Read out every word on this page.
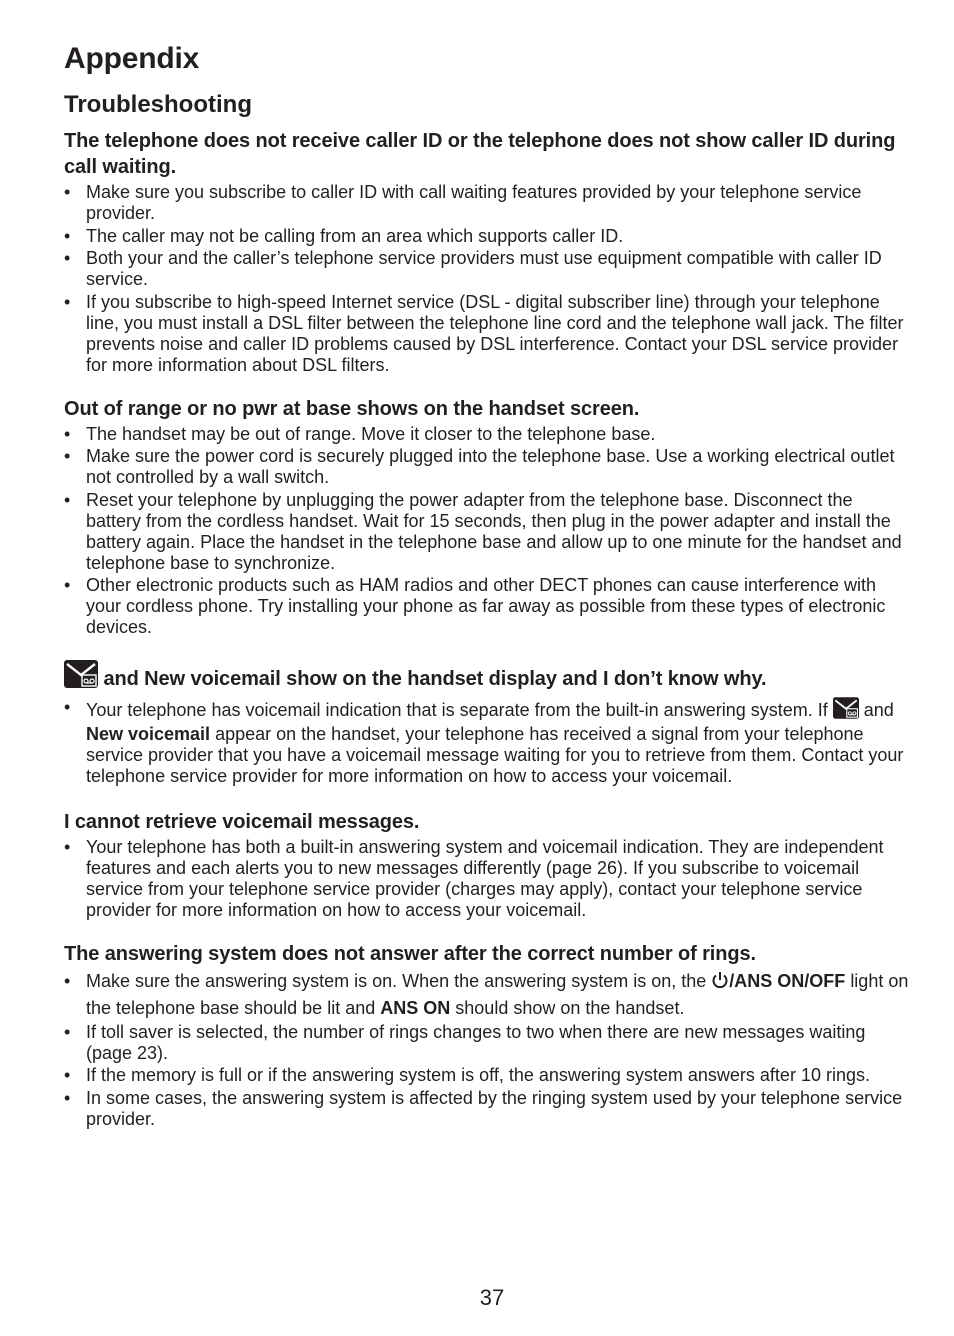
Appendix
Troubleshooting

The telephone does not receive caller ID or the telephone does not show caller ID during call waiting.

• Make sure you subscribe to caller ID with call waiting features provided by your telephone service provider.
• The caller may not be calling from an area which supports caller ID.
• Both your and the caller’s telephone service providers must use equipment compatible with caller ID service.
• If you subscribe to high-speed Internet service (DSL - digital subscriber line) through your telephone line, you must install a DSL filter between the telephone line cord and the telephone wall jack. The filter prevents noise and caller ID problems caused by DSL interference. Contact your DSL service provider for more information about DSL filters.

Out of range or no pwr at base shows on the handset screen.

• The handset may be out of range. Move it closer to the telephone base.
• Make sure the power cord is securely plugged into the telephone base. Use a working electrical outlet not controlled by a wall switch.
• Reset your telephone by unplugging the power adapter from the telephone base. Disconnect the battery from the cordless handset. Wait for 15 seconds, then plug in the power adapter and install the battery again. Place the handset in the telephone base and allow up to one minute for the handset and telephone base to synchronize.
• Other electronic products such as HAM radios and other DECT phones can cause interference with your cordless phone. Try installing your phone as far away as possible from these types of electronic devices.

and New voicemail show on the handset display and I don’t know why.

• Your telephone has voicemail indication that is separate from the built-in answering system. If and New voicemail appear on the handset, your telephone has received a signal from your telephone service provider that you have a voicemail message waiting for you to retrieve from them. Contact your telephone service provider for more information on how to access your voicemail.

I cannot retrieve voicemail messages.

• Your telephone has both a built-in answering system and voicemail indication. They are independent features and each alerts you to new messages differently (page 26). If you subscribe to voicemail service from your telephone service provider (charges may apply), contact your telephone service provider for more information on how to access your voicemail.

The answering system does not answer after the correct number of rings.

• Make sure the answering system is on. When the answering system is on, the /ANS ON/OFF light on the telephone base should be lit and ANS ON should show on the handset.
• If toll saver is selected, the number of rings changes to two when there are new messages waiting (page 23).
• If the memory is full or if the answering system is off, the answering system answers after 10 rings.
• In some cases, the answering system is affected by the ringing system used by your telephone service provider.
37
